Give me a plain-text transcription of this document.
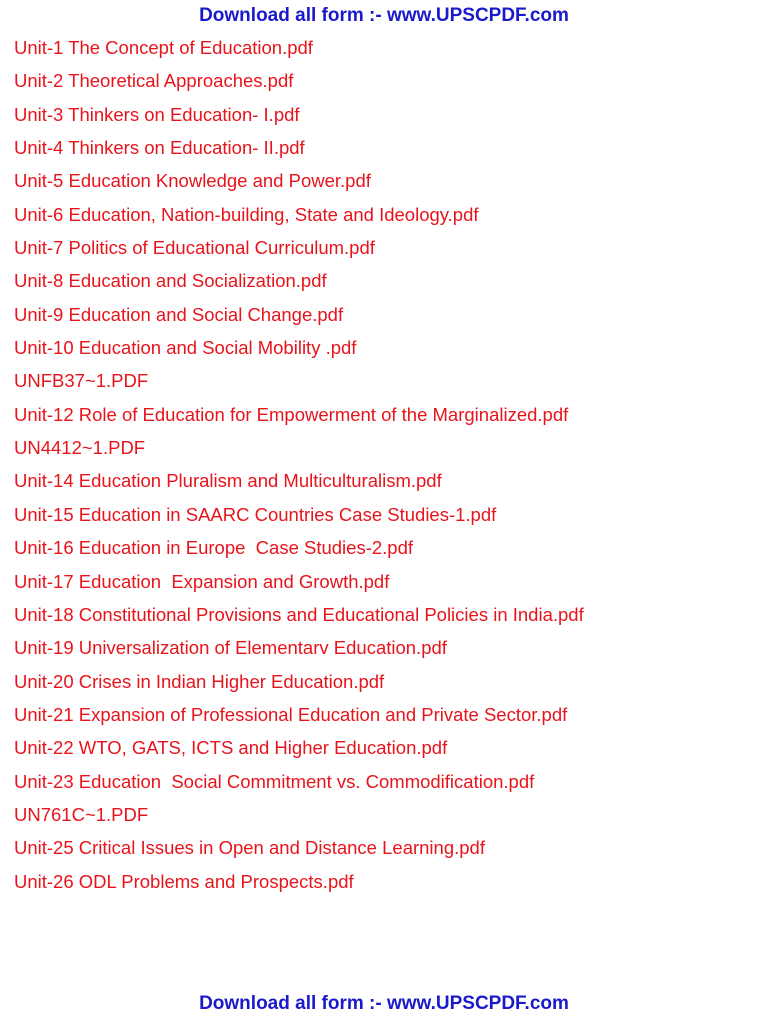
Download all form :- www.UPSCPDF.com
Unit-1 The Concept of Education.pdf
Unit-2 Theoretical Approaches.pdf
Unit-3 Thinkers on Education- I.pdf
Unit-4 Thinkers on Education- II.pdf
Unit-5 Education Knowledge and Power.pdf
Unit-6 Education, Nation-building, State and Ideology.pdf
Unit-7 Politics of Educational Curriculum.pdf
Unit-8 Education and Socialization.pdf
Unit-9 Education and Social Change.pdf
Unit-10 Education and Social Mobility .pdf
UNFB37~1.PDF
Unit-12 Role of Education for Empowerment of the Marginalized.pdf
UN4412~1.PDF
Unit-14 Education Pluralism and Multiculturalism.pdf
Unit-15 Education in SAARC Countries Case Studies-1.pdf
Unit-16 Education in Europe  Case Studies-2.pdf
Unit-17 Education  Expansion and Growth.pdf
Unit-18 Constitutional Provisions and Educational Policies in India.pdf
Unit-19 Universalization of Elementarv Education.pdf
Unit-20 Crises in Indian Higher Education.pdf
Unit-21 Expansion of Professional Education and Private Sector.pdf
Unit-22 WTO, GATS, ICTS and Higher Education.pdf
Unit-23 Education  Social Commitment vs. Commodification.pdf
UN761C~1.PDF
Unit-25 Critical Issues in Open and Distance Learning.pdf
Unit-26 ODL Problems and Prospects.pdf
Download all form :- www.UPSCPDF.com
